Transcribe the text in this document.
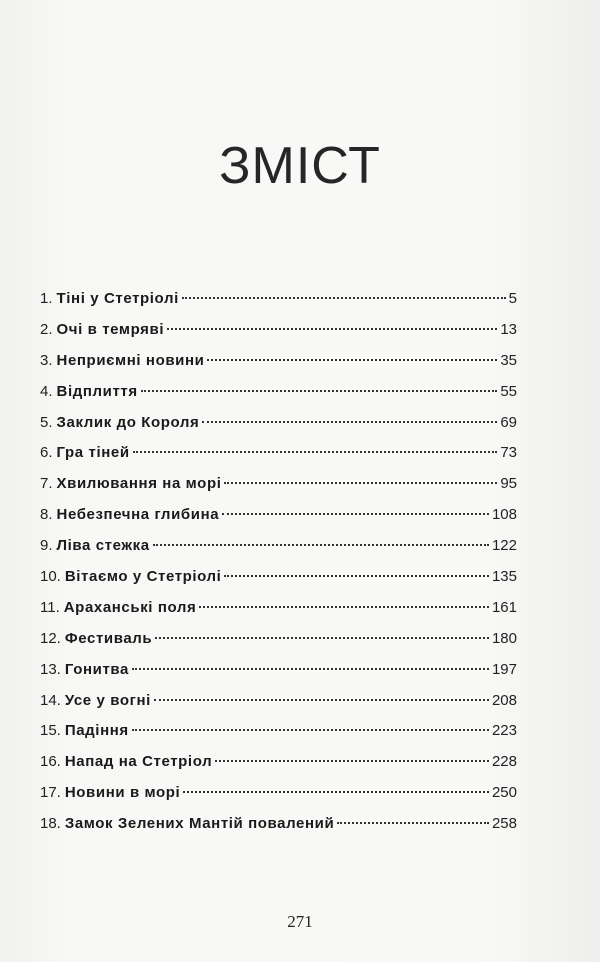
ЗМІСТ
1. Тіні у Стетріолі	5
2. Очі в темряві	13
3. Неприємні новини	35
4. Відплиття	55
5. Заклик до Короля	69
6. Гра тіней	73
7. Хвилювання на морі	95
8. Небезпечна глибина	108
9. Ліва стежка	122
10. Вітаємо у Стетріолі	135
11. Араханські поля	161
12. Фестиваль	180
13. Гонитва	197
14. Усе у вогні	208
15. Падіння	223
16. Напад на Стетріол	228
17. Новини в морі	250
18. Замок Зелених Мантій повалений	258
271
